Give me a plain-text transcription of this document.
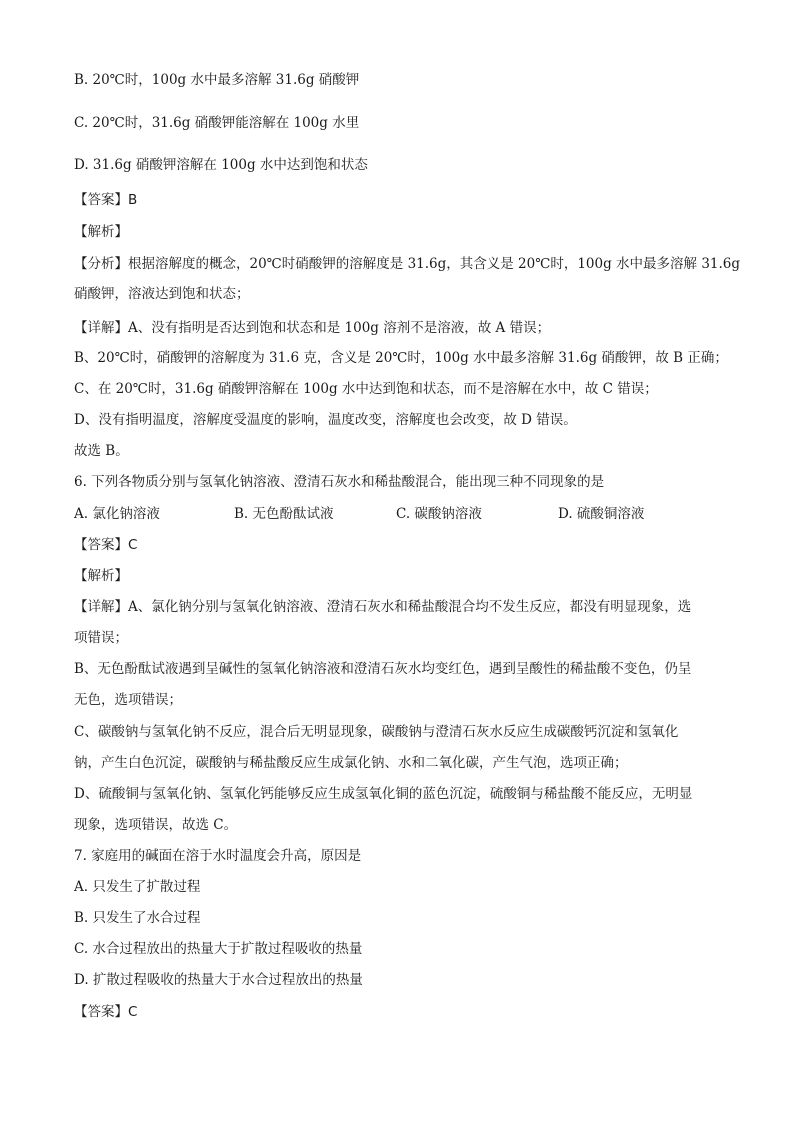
B. 20℃时，100g 水中最多溶解 31.6g 硝酸钾
C. 20℃时，31.6g 硝酸钾能溶解在 100g 水里
D. 31.6g 硝酸钾溶解在 100g 水中达到饱和状态
【答案】B
【解析】
【分析】根据溶解度的概念，20℃时硝酸钾的溶解度是 31.6g，其含义是 20℃时，100g 水中最多溶解 31.6g
硝酸钾，溶液达到饱和状态；
【详解】A、没有指明是否达到饱和状态和是 100g 溶剂不是溶液，故 A 错误；
B、20℃时，硝酸钾的溶解度为 31.6 克，含义是 20℃时，100g 水中最多溶解 31.6g 硝酸钾，故 B 正确；
C、在 20℃时，31.6g 硝酸钾溶解在 100g 水中达到饱和状态，而不是溶解在水中，故 C 错误；
D、没有指明温度，溶解度受温度的影响，温度改变，溶解度也会改变，故 D 错误。
故选 B。
6. 下列各物质分别与氢氧化钠溶液、澄清石灰水和稀盐酸混合，能出现三种不同现象的是
A. 氯化钠溶液	B. 无色酚酞试液	C. 碳酸钠溶液	D. 硫酸铜溶液
【答案】C
【解析】
【详解】A、氯化钠分别与氢氧化钠溶液、澄清石灰水和稀盐酸混合均不发生反应，都没有明显现象，选
项错误；
B、无色酚酞试液遇到呈碱性的氢氧化钠溶液和澄清石灰水均变红色，遇到呈酸性的稀盐酸不变色，仍呈
无色，选项错误；
C、碳酸钠与氢氧化钠不反应，混合后无明显现象，碳酸钠与澄清石灰水反应生成碳酸钙沉淀和氢氧化
钠，产生白色沉淀，碳酸钠与稀盐酸反应生成氯化钠、水和二氧化碳，产生气泡，选项正确；
D、硫酸铜与氢氧化钠、氢氧化钙能够反应生成氢氧化铜的蓝色沉淀，硫酸铜与稀盐酸不能反应，无明显
现象，选项错误，故选 C。
7. 家庭用的碱面在溶于水时温度会升高，原因是
A. 只发生了扩散过程
B. 只发生了水合过程
C. 水合过程放出的热量大于扩散过程吸收的热量
D. 扩散过程吸收的热量大于水合过程放出的热量
【答案】C
